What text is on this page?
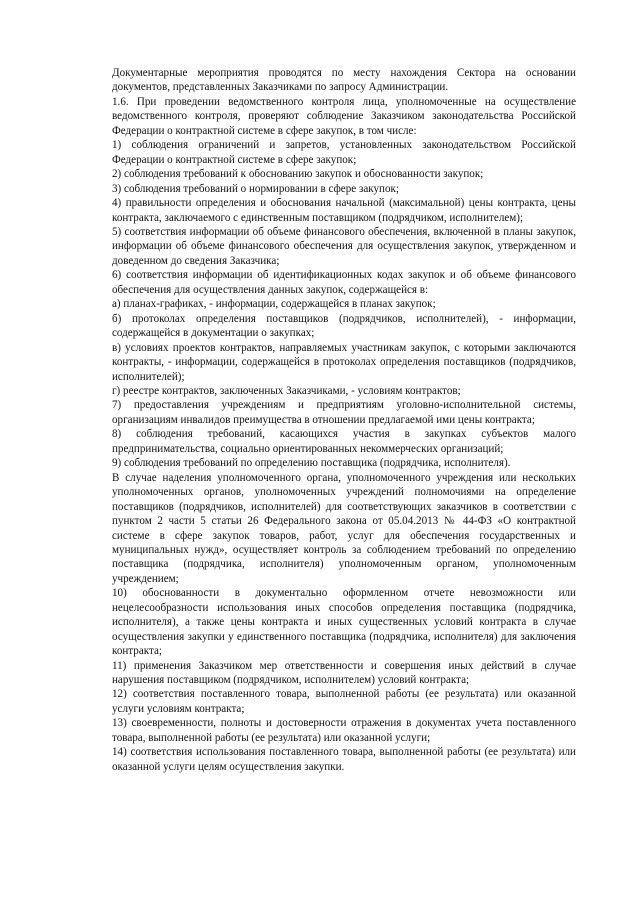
Документарные мероприятия проводятся по месту нахождения Сектора на основании документов, представленных Заказчиками по запросу Администрации.

1.6. При проведении ведомственного контроля лица, уполномоченные на осуществление ведомственного контроля, проверяют соблюдение Заказчиком законодательства Российской Федерации о контрактной системе в сфере закупок, в том числе:

1) соблюдения ограничений и запретов, установленных законодательством Российской Федерации о контрактной системе в сфере закупок;

2) соблюдения требований к обоснованию закупок и обоснованности закупок;

3) соблюдения требований о нормировании в сфере закупок;

4) правильности определения и обоснования начальной (максимальной) цены контракта, цены контракта, заключаемого с единственным поставщиком (подрядчиком, исполнителем);

5) соответствия информации об объеме финансового обеспечения, включенной в планы закупок, информации об объеме финансового обеспечения для осуществления закупок, утвержденном и доведенном до сведения Заказчика;

6) соответствия информации об идентификационных кодах закупок и об объеме финансового обеспечения для осуществления данных закупок, содержащейся в:

а) планах-графиках, - информации, содержащейся в планах закупок;

б) протоколах определения поставщиков (подрядчиков, исполнителей), - информации, содержащейся в документации о закупках;

в) условиях проектов контрактов, направляемых участникам закупок, с которыми заключаются контракты, - информации, содержащейся в протоколах определения поставщиков (подрядчиков, исполнителей);

г) реестре контрактов, заключенных Заказчиками, - условиям контрактов;

7) предоставления учреждениям и предприятиям уголовно-исполнительной системы, организациям инвалидов преимущества в отношении предлагаемой ими цены контракта;

8) соблюдения требований, касающихся участия в закупках субъектов малого предпринимательства, социально ориентированных некоммерческих организаций;

9) соблюдения требований по определению поставщика (подрядчика, исполнителя).

В случае наделения уполномоченного органа, уполномоченного учреждения или нескольких уполномоченных органов, уполномоченных учреждений полномочиями на определение поставщиков (подрядчиков, исполнителей) для соответствующих заказчиков в соответствии с пунктом 2 части 5 статьи 26 Федерального закона от 05.04.2013 № 44-ФЗ «О контрактной системе в сфере закупок товаров, работ, услуг для обеспечения государственных и муниципальных нужд», осуществляет контроль за соблюдением требований по определению поставщика (подрядчика, исполнителя) уполномоченным органом, уполномоченным учреждением;

10) обоснованности в документально оформленном отчете невозможности или нецелесообразности использования иных способов определения поставщика (подрядчика, исполнителя), а также цены контракта и иных существенных условий контракта в случае осуществления закупки у единственного поставщика (подрядчика, исполнителя) для заключения контракта;

11) применения Заказчиком мер ответственности и совершения иных действий в случае нарушения поставщиком (подрядчиком, исполнителем) условий контракта;

12) соответствия поставленного товара, выполненной работы (ее результата) или оказанной услуги условиям контракта;

13) своевременности, полноты и достоверности отражения в документах учета поставленного товара, выполненной работы (ее результата) или оказанной услуги;

14) соответствия использования поставленного товара, выполненной работы (ее результата) или оказанной услуги целям осуществления закупки.
